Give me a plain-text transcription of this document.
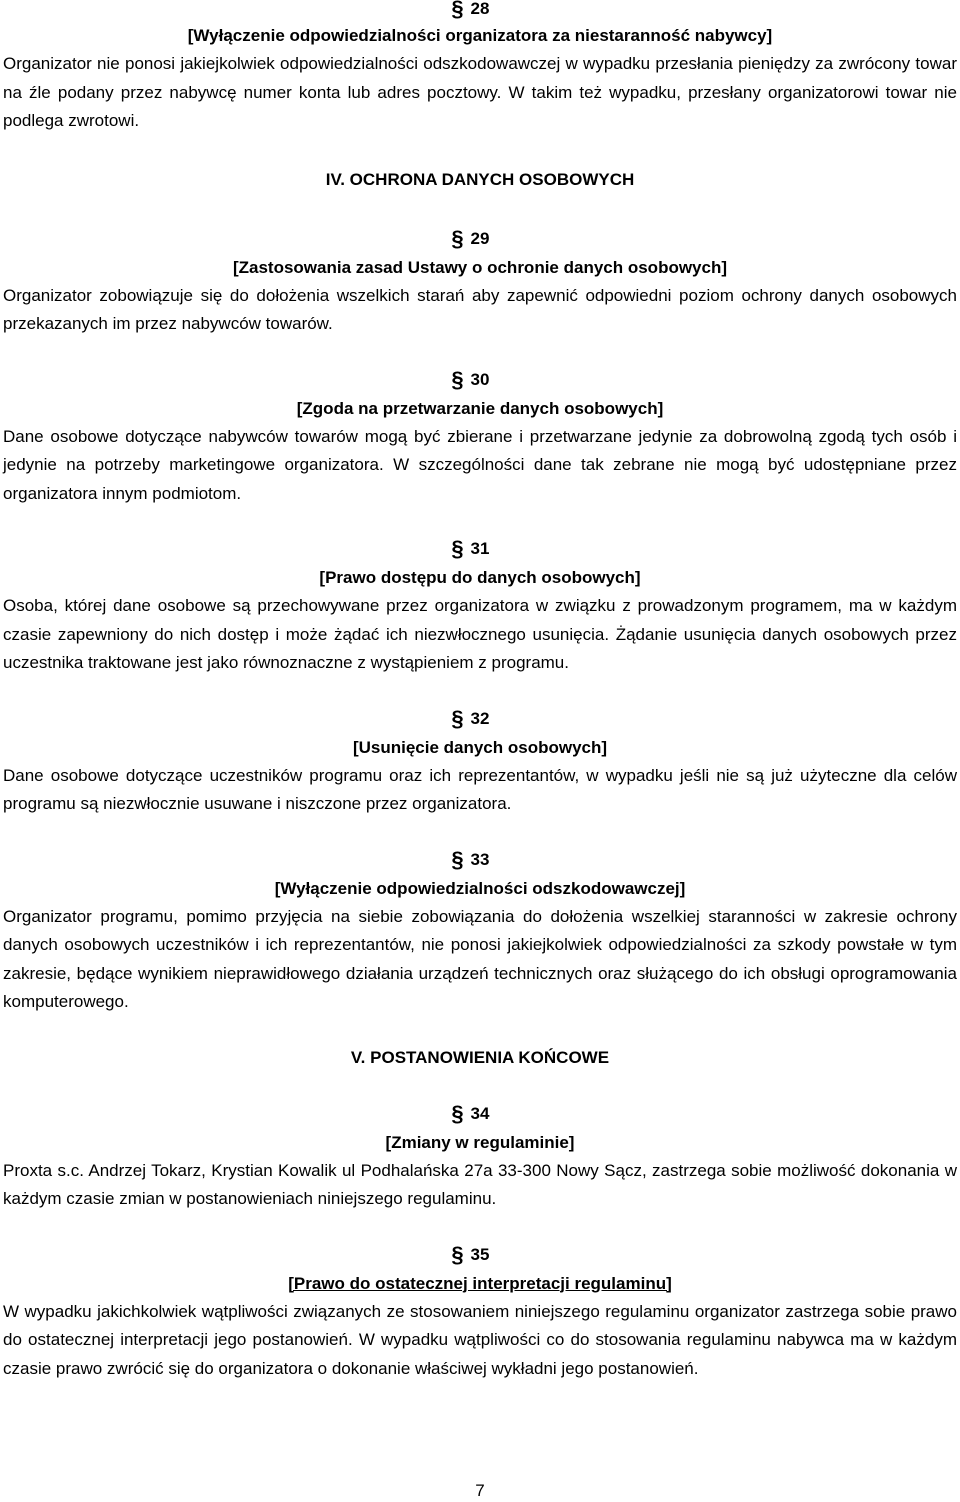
§ 28
[Wyłączenie odpowiedzialności organizatora za niestaranność nabywcy]
Organizator nie ponosi jakiejkolwiek odpowiedzialności odszkodowawczej w wypadku przesłania pieniędzy za zwrócony towar na źle podany przez nabywcę numer konta lub adres pocztowy. W takim też wypadku, przesłany organizatorowi towar nie podlega zwrotowi.
IV. OCHRONA DANYCH OSOBOWYCH
§ 29
[Zastosowania zasad Ustawy o ochronie danych osobowych]
Organizator zobowiązuje się do dołożenia wszelkich starań aby zapewnić odpowiedni poziom ochrony danych osobowych przekazanych im przez nabywców towarów.
§ 30
[Zgoda na przetwarzanie danych osobowych]
Dane osobowe dotyczące nabywców towarów mogą być zbierane i przetwarzane jedynie za dobrowolną zgodą tych osób i jedynie na potrzeby marketingowe organizatora. W szczególności dane tak zebrane nie mogą być udostępniane przez organizatora innym podmiotom.
§ 31
[Prawo dostępu do danych osobowych]
Osoba, której dane osobowe są przechowywane przez organizatora w związku z prowadzonym programem, ma w każdym czasie zapewniony do nich dostęp i może żądać ich niezwłocznego usunięcia. Żądanie usunięcia danych osobowych przez uczestnika traktowane jest jako równoznaczne z wystąpieniem z programu.
§ 32
[Usunięcie danych osobowych]
Dane osobowe dotyczące uczestników programu oraz ich reprezentantów, w wypadku jeśli nie są już użyteczne dla celów programu są niezwłocznie usuwane i niszczone przez organizatora.
§ 33
[Wyłączenie odpowiedzialności odszkodowawczej]
Organizator programu, pomimo przyjęcia na siebie zobowiązania do dołożenia wszelkiej staranności w zakresie ochrony danych osobowych uczestników i ich reprezentantów, nie ponosi jakiejkolwiek odpowiedzialności za szkody powstałe w tym zakresie, będące wynikiem nieprawidłowego działania urządzeń technicznych oraz służącego do ich obsługi oprogramowania komputerowego.
V. POSTANOWIENIA KOŃCOWE
§ 34
[Zmiany w regulaminie]
Proxta s.c. Andrzej Tokarz, Krystian Kowalik ul Podhalańska 27a 33-300 Nowy Sącz, zastrzega sobie możliwość dokonania w każdym czasie zmian w postanowieniach niniejszego regulaminu.
§ 35
[Prawo do ostatecznej interpretacji regulaminu]
W wypadku jakichkolwiek wątpliwości związanych ze stosowaniem niniejszego regulaminu organizator zastrzega sobie prawo do ostatecznej interpretacji jego postanowień. W wypadku wątpliwości co do stosowania regulaminu nabywca ma w każdym czasie prawo zwrócić się do organizatora o dokonanie właściwej wykładni jego postanowień.
7
